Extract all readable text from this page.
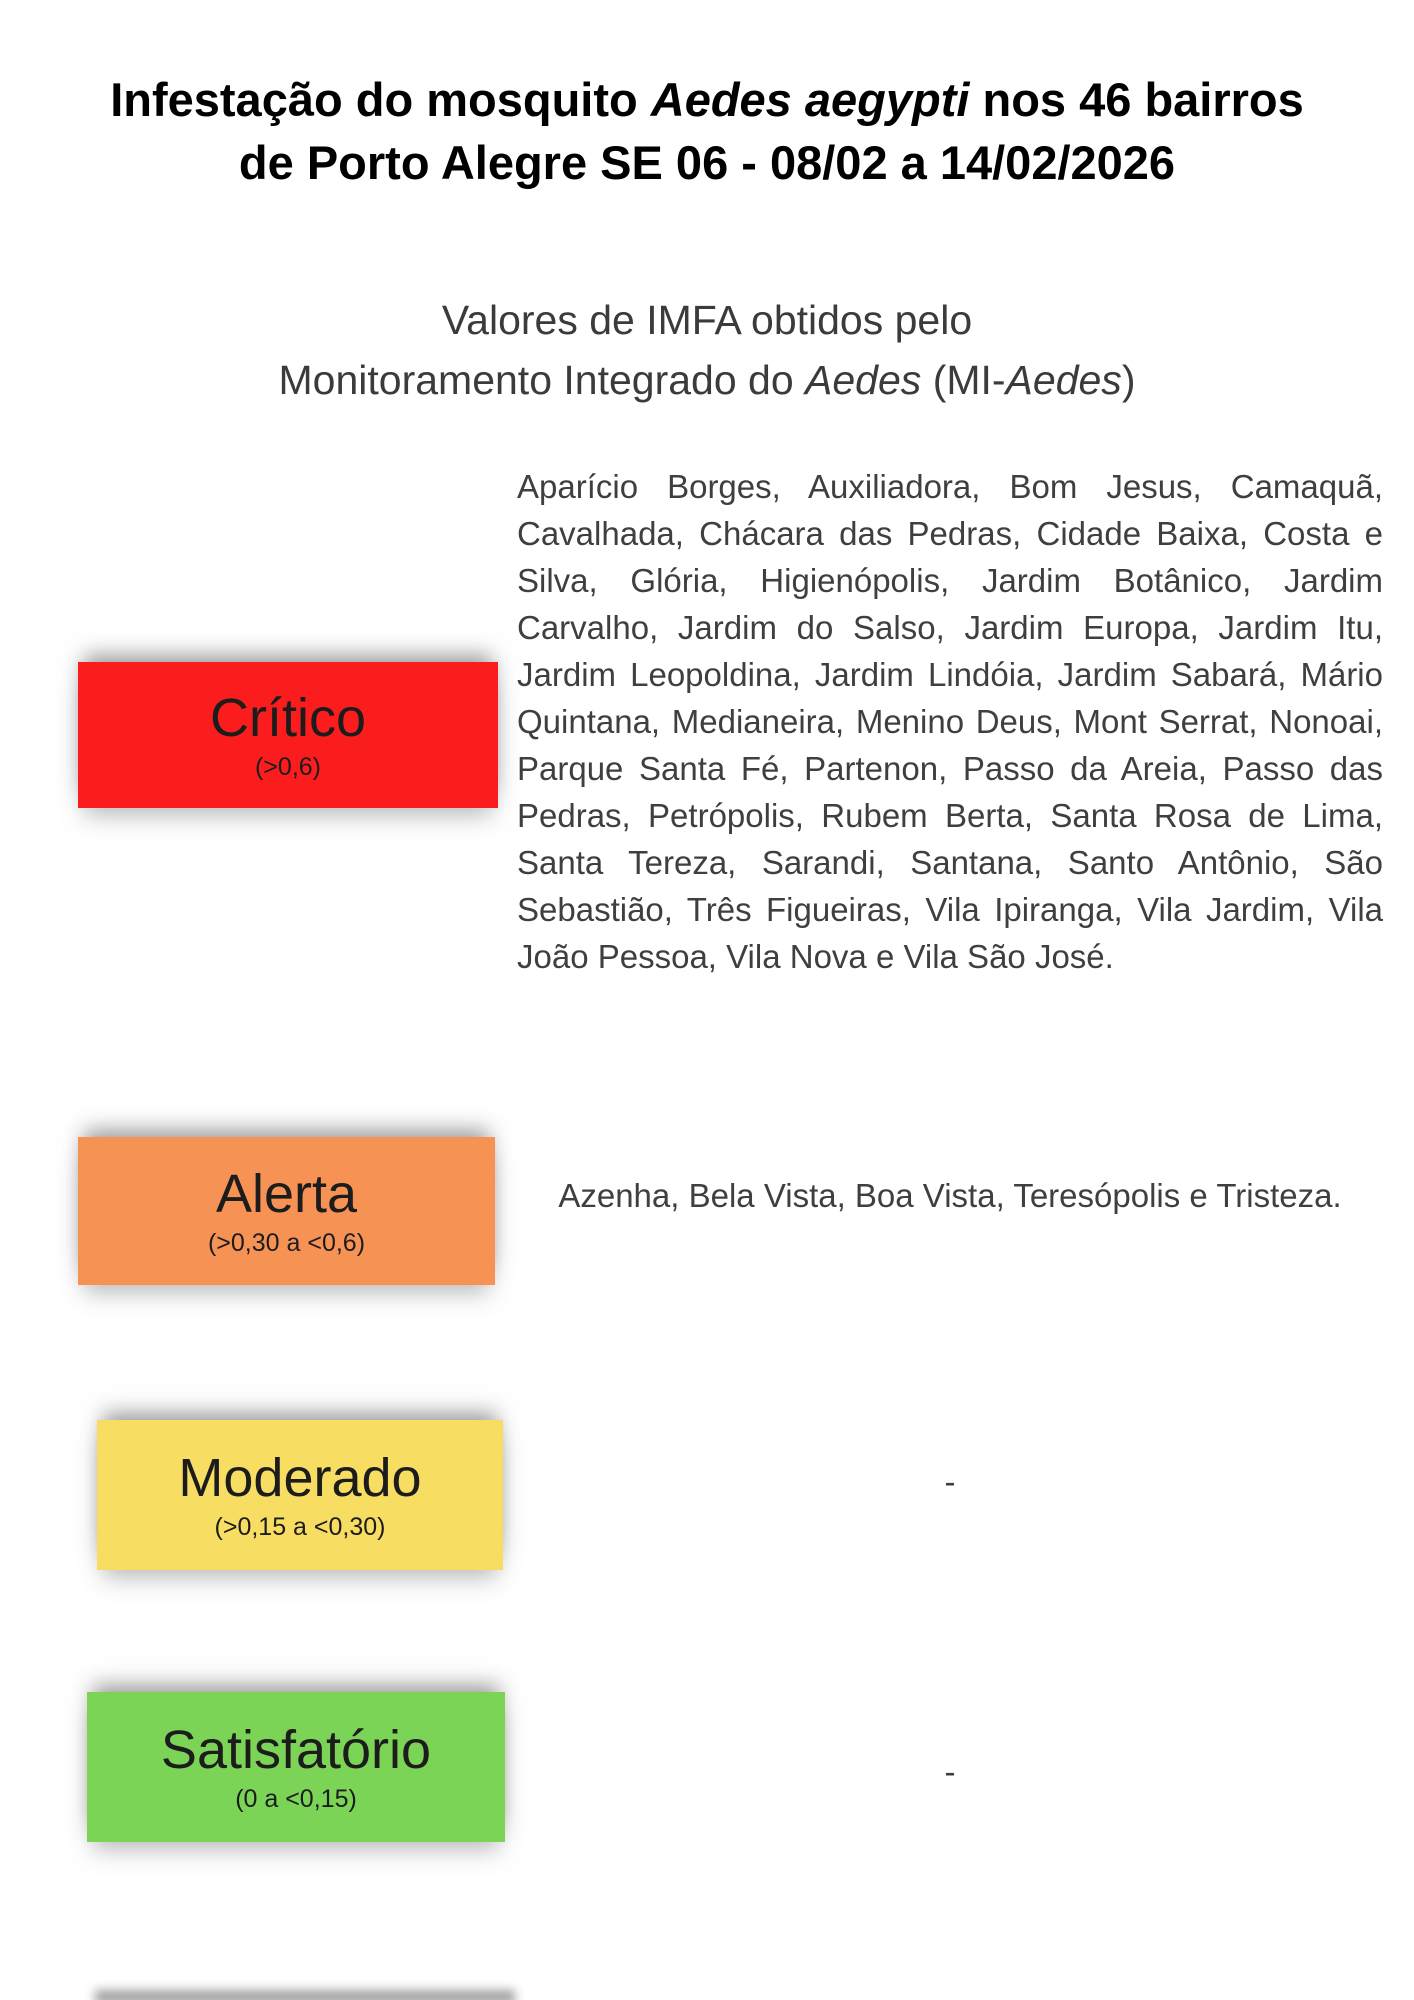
Infestação do mosquito Aedes aegypti nos 46 bairros
de Porto Alegre SE 06 - 08/02 a 14/02/2026
Valores de IMFA obtidos pelo
Monitoramento Integrado do Aedes (MI-Aedes)
Crítico
(>0,6)
Aparício Borges, Auxiliadora, Bom Jesus, Camaquã, Cavalhada, Chácara das Pedras, Cidade Baixa, Costa e Silva, Glória, Higienópolis, Jardim Botânico, Jardim Carvalho, Jardim do Salso, Jardim Europa, Jardim Itu, Jardim Leopoldina, Jardim Lindóia, Jardim Sabará, Mário Quintana, Medianeira, Menino Deus, Mont Serrat, Nonoai, Parque Santa Fé, Partenon, Passo da Areia, Passo das Pedras, Petrópolis, Rubem Berta, Santa Rosa de Lima, Santa Tereza, Sarandi, Santana, Santo Antônio, São Sebastião, Três Figueiras, Vila Ipiranga, Vila Jardim, Vila João Pessoa, Vila Nova e Vila São José.
Alerta
(>0,30 a <0,6)
Azenha, Bela Vista, Boa Vista, Teresópolis e Tristeza.
Moderado
(>0,15 a <0,30)
-
Satisfatório
(0 a <0,15)
-
